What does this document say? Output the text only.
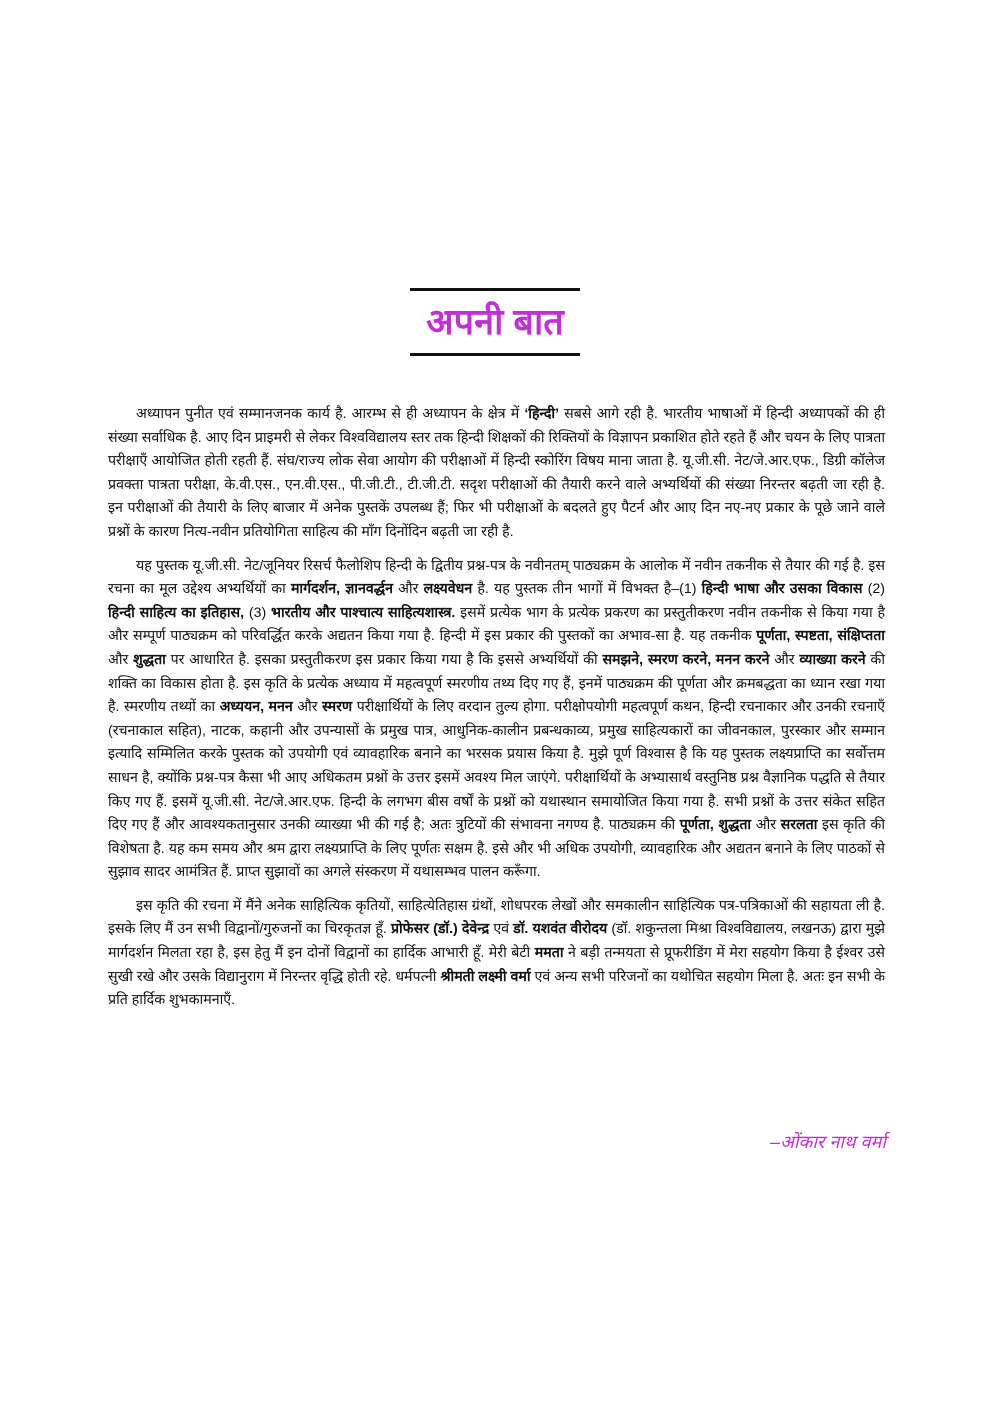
अपनी बात

अध्यापन पुनीत एवं सम्मानजनक कार्य है. आरम्भ से ही अध्यापन के क्षेत्र में ‘हिन्दी’ सबसे आगे रही है. भारतीय भाषाओं में हिन्दी अध्यापकों की ही संख्या सर्वाधिक है. आए दिन प्राइमरी से लेकर विश्वविद्यालय स्तर तक हिन्दी शिक्षकों की रिक्तियों के विज्ञापन प्रकाशित होते रहते हैं और चयन के लिए पात्रता परीक्षाएँ आयोजित होती रहती हैं. संघ/राज्य लोक सेवा आयोग की परीक्षाओं में हिन्दी स्कोरिंग विषय माना जाता है. यू.जी.सी. नेट/जे.आर.एफ., डिग्री कॉलेज प्रवक्ता पात्रता परीक्षा, के.वी.एस., एन.वी.एस., पी.जी.टी., टी.जी.टी. सदृश परीक्षाओं की तैयारी करने वाले अभ्यर्थियों की संख्या निरन्तर बढ़ती जा रही है. इन परीक्षाओं की तैयारी के लिए बाजार में अनेक पुस्तकें उपलब्ध हैं; फिर भी परीक्षाओं के बदलते हुए पैटर्न और आए दिन नए-नए प्रकार के पूछे जाने वाले प्रश्नों के कारण नित्य-नवीन प्रतियोगिता साहित्य की माँग दिनोंदिन बढ़ती जा रही है.

यह पुस्तक यू.जी.सी. नेट/जूनियर रिसर्च फैलोशिप हिन्दी के द्वितीय प्रश्न-पत्र के नवीनतम् पाठ्यक्रम के आलोक में नवीन तकनीक से तैयार की गई है. इस रचना का मूल उद्देश्य अभ्यर्थियों का मार्गदर्शन, ज्ञानवर्द्धन और लक्ष्यवेधन है. यह पुस्तक तीन भागों में विभक्त है–(1) हिन्दी भाषा और उसका विकास (2) हिन्दी साहित्य का इतिहास, (3) भारतीय और पाश्चात्य साहित्यशास्त्र. इसमें प्रत्येक भाग के प्रत्येक प्रकरण का प्रस्तुतीकरण नवीन तकनीक से किया गया है और सम्पूर्ण पाठ्यक्रम को परिवर्द्धित करके अद्यतन किया गया है. हिन्दी में इस प्रकार की पुस्तकों का अभाव-सा है. यह तकनीक पूर्णता, स्पष्टता, संक्षिप्तता और शुद्धता पर आधारित है. इसका प्रस्तुतीकरण इस प्रकार किया गया है कि इससे अभ्यर्थियों की समझने, स्मरण करने, मनन करने और व्याख्या करने की शक्ति का विकास होता है. इस कृति के प्रत्येक अध्याय में महत्वपूर्ण स्मरणीय तथ्य दिए गए हैं, इनमें पाठ्यक्रम की पूर्णता और क्रमबद्धता का ध्यान रखा गया है. स्मरणीय तथ्यों का अध्ययन, मनन और स्मरण परीक्षार्थियों के लिए वरदान तुल्य होगा. परीक्षोपयोगी महत्वपूर्ण कथन, हिन्दी रचनाकार और उनकी रचनाएँ (रचनाकाल सहित), नाटक, कहानी और उपन्यासों के प्रमुख पात्र, आधुनिक-कालीन प्रबन्धकाव्य, प्रमुख साहित्यकारों का जीवनकाल, पुरस्कार और सम्मान इत्यादि सम्मिलित करके पुस्तक को उपयोगी एवं व्यावहारिक बनाने का भरसक प्रयास किया है. मुझे पूर्ण विश्वास है कि यह पुस्तक लक्ष्यप्राप्ति का सर्वोत्तम साधन है, क्योंकि प्रश्न-पत्र कैसा भी आए अधिकतम प्रश्नों के उत्तर इसमें अवश्य मिल जाएंगे. परीक्षार्थियों के अभ्यासार्थ वस्तुनिष्ठ प्रश्न वैज्ञानिक पद्धति से तैयार किए गए हैं. इसमें यू.जी.सी. नेट/जे.आर.एफ. हिन्दी के लगभग बीस वर्षों के प्रश्नों को यथास्थान समायोजित किया गया है. सभी प्रश्नों के उत्तर संकेत सहित दिए गए हैं और आवश्यकतानुसार उनकी व्याख्या भी की गई है; अतः त्रुटियों की संभावना नगण्य है. पाठ्यक्रम की पूर्णता, शुद्धता और सरलता इस कृति की विशेषता है. यह कम समय और श्रम द्वारा लक्ष्यप्राप्ति के लिए पूर्णतः सक्षम है. इसे और भी अधिक उपयोगी, व्यावहारिक और अद्यतन बनाने के लिए पाठकों से सुझाव सादर आमंत्रित हैं. प्राप्त सुझावों का अगले संस्करण में यथासम्भव पालन करूँगा.

इस कृति की रचना में मैंने अनेक साहित्यिक कृतियों, साहित्येतिहास ग्रंथों, शोधपरक लेखों और समकालीन साहित्यिक पत्र-पत्रिकाओं की सहायता ली है. इसके लिए मैं उन सभी विद्वानों/गुरुजनों का चिरकृतज्ञ हूँ. प्रोफेसर (डॉ.) देवेन्द्र एवं डॉ. यशवंत वीरोदय (डॉ. शकुन्तला मिश्रा विश्वविद्यालय, लखनऊ) द्वारा मुझे मार्गदर्शन मिलता रहा है, इस हेतु मैं इन दोनों विद्वानों का हार्दिक आभारी हूँ. मेरी बेटी ममता ने बड़ी तन्मयता से प्रूफरीडिंग में मेरा सहयोग किया है ईश्वर उसे सुखी रखे और उसके विद्यानुराग में निरन्तर वृद्धि होती रहे. धर्मपत्नी श्रीमती लक्ष्मी वर्मा एवं अन्य सभी परिजनों का यथोचित सहयोग मिला है. अतः इन सभी के प्रति हार्दिक शुभकामनाएँ.

–ओंकार नाथ वर्मा
